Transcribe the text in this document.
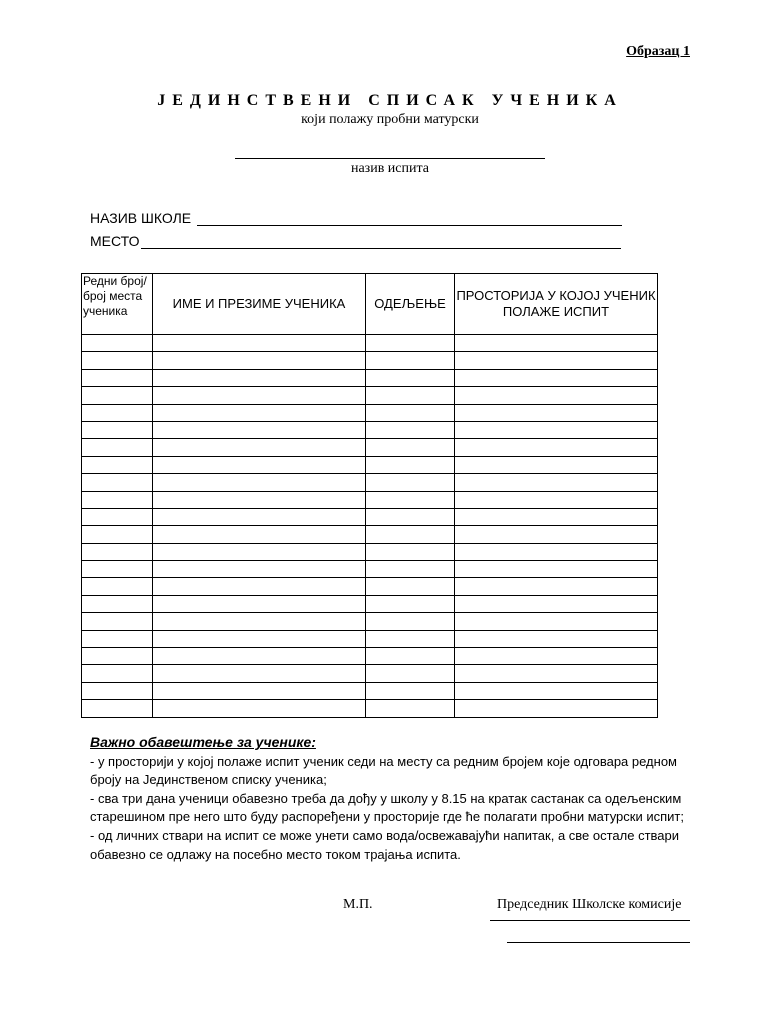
Образац 1
ЈЕДИНСТВЕНИ СПИСАК УЧЕНИКА
који полажу пробни матурски
назив испита
НАЗИВ ШКОЛЕ
МЕСТО
Редни број/ број места ученика	ИМЕ И ПРЕЗИМЕ УЧЕНИКА	ОДЕЉЕЊЕ	ПРОСТОРИЈА У КОЈОЈ УЧЕНИК ПОЛАЖЕ ИСПИТ

Важно обавештење за ученике:
- у просторији у којој полаже испит ученик седи на месту са редним бројем које одговара редном броју на Јединственом списку ученика;
- сва три дана ученици обавезно треба да дођу у школу у 8.15 на кратак састанак са одељенским старешином пре него што буду распоређени у просторије где ће полагати пробни матурски испит;
- од личних ствари на испит се може унети само вода/освежавајући напитак, а све остале ствари обавезно се одлажу на посебно место током трајања испита.
М.П.	Председник Школске комисије
